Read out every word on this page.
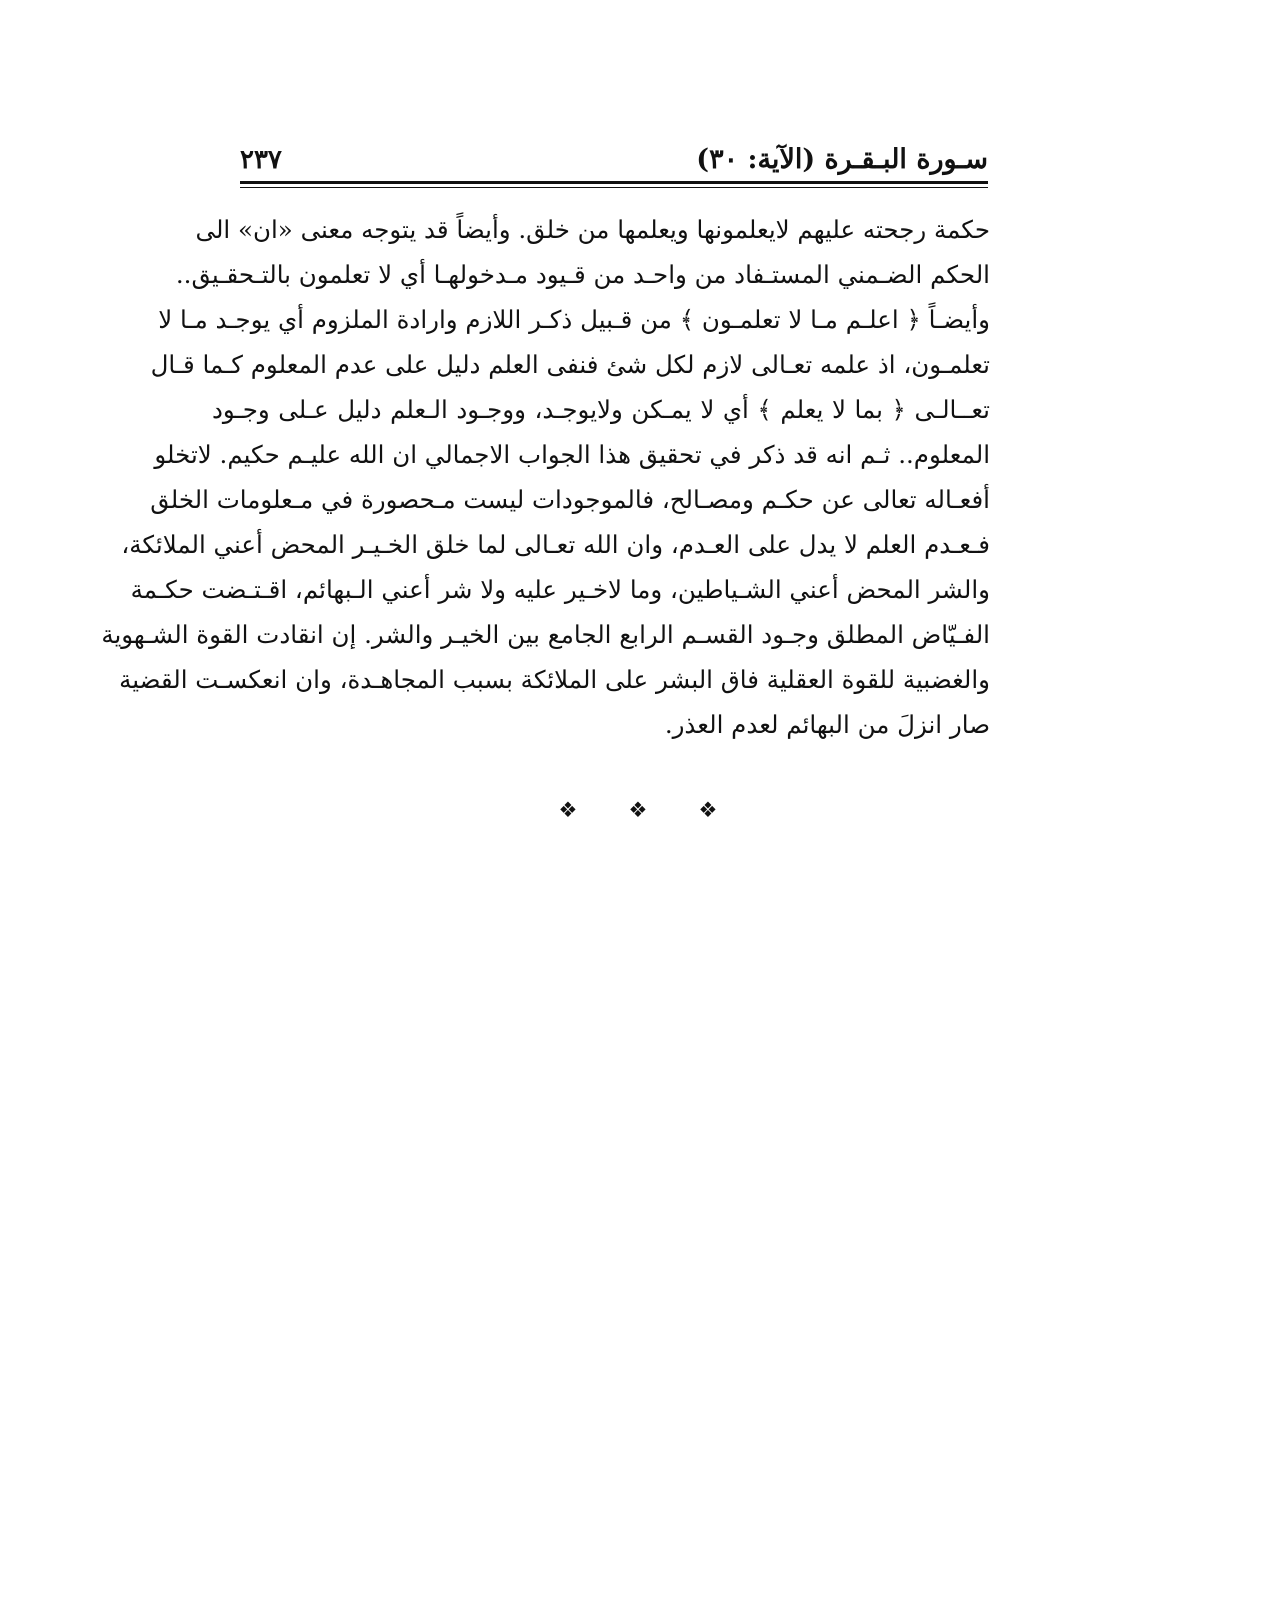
سـورة البـقـرة (الآية: ٣٠)
٢٣٧
حكمة رجحته عليهم لايعلمونها ويعلمها من خلق. وأيضاً قد يتوجه معنى «ان» الى
الحكم الضـمني المستـفاد من واحـد من قـيود مـدخولهـا أي لا تعلمون بالتـحقـيق..
وأيضـاً ﴿ اعلـم مـا لا تعلمـون ﴾ من قـبيل ذكـر اللازم وارادة الملزوم أي يوجـد مـا لا
تعلمـون، اذ علمه تعـالى لازم لكل شئ فنفى العلم دليل على عدم المعلوم كـما قـال
تعــالـى ﴿ بما لا يعلم ﴾ أي لا يمـكن ولايوجـد، ووجـود الـعلم دليل عـلى وجـود
المعلوم.. ثـم انه قد ذكر في تحقيق هذا الجواب الاجمالي ان الله عليـم حكيم. لاتخلو
أفعـاله تعالى عن حكـم ومصـالح، فالموجودات ليست مـحصورة في مـعلومات الخلق
فـعـدم العلم لا يدل على العـدم، وان الله تعـالى لما خلق الخـيـر المحض أعني الملائكة،
والشر المحض أعني الشـياطين، وما لاخـير عليه ولا شر أعني الـبهائم، اقـتـضت حكـمة
الفـيّاض المطلق وجـود القسـم الرابع الجامع بين الخيـر والشر. إن انقادت القوة الشـهوية
والغضبية للقوة العقلية فاق البشر على الملائكة بسبب المجاهـدة، وان انعكسـت القضية
صار انزلَ من البهائم لعدم العذر.
❖ ❖ ❖
